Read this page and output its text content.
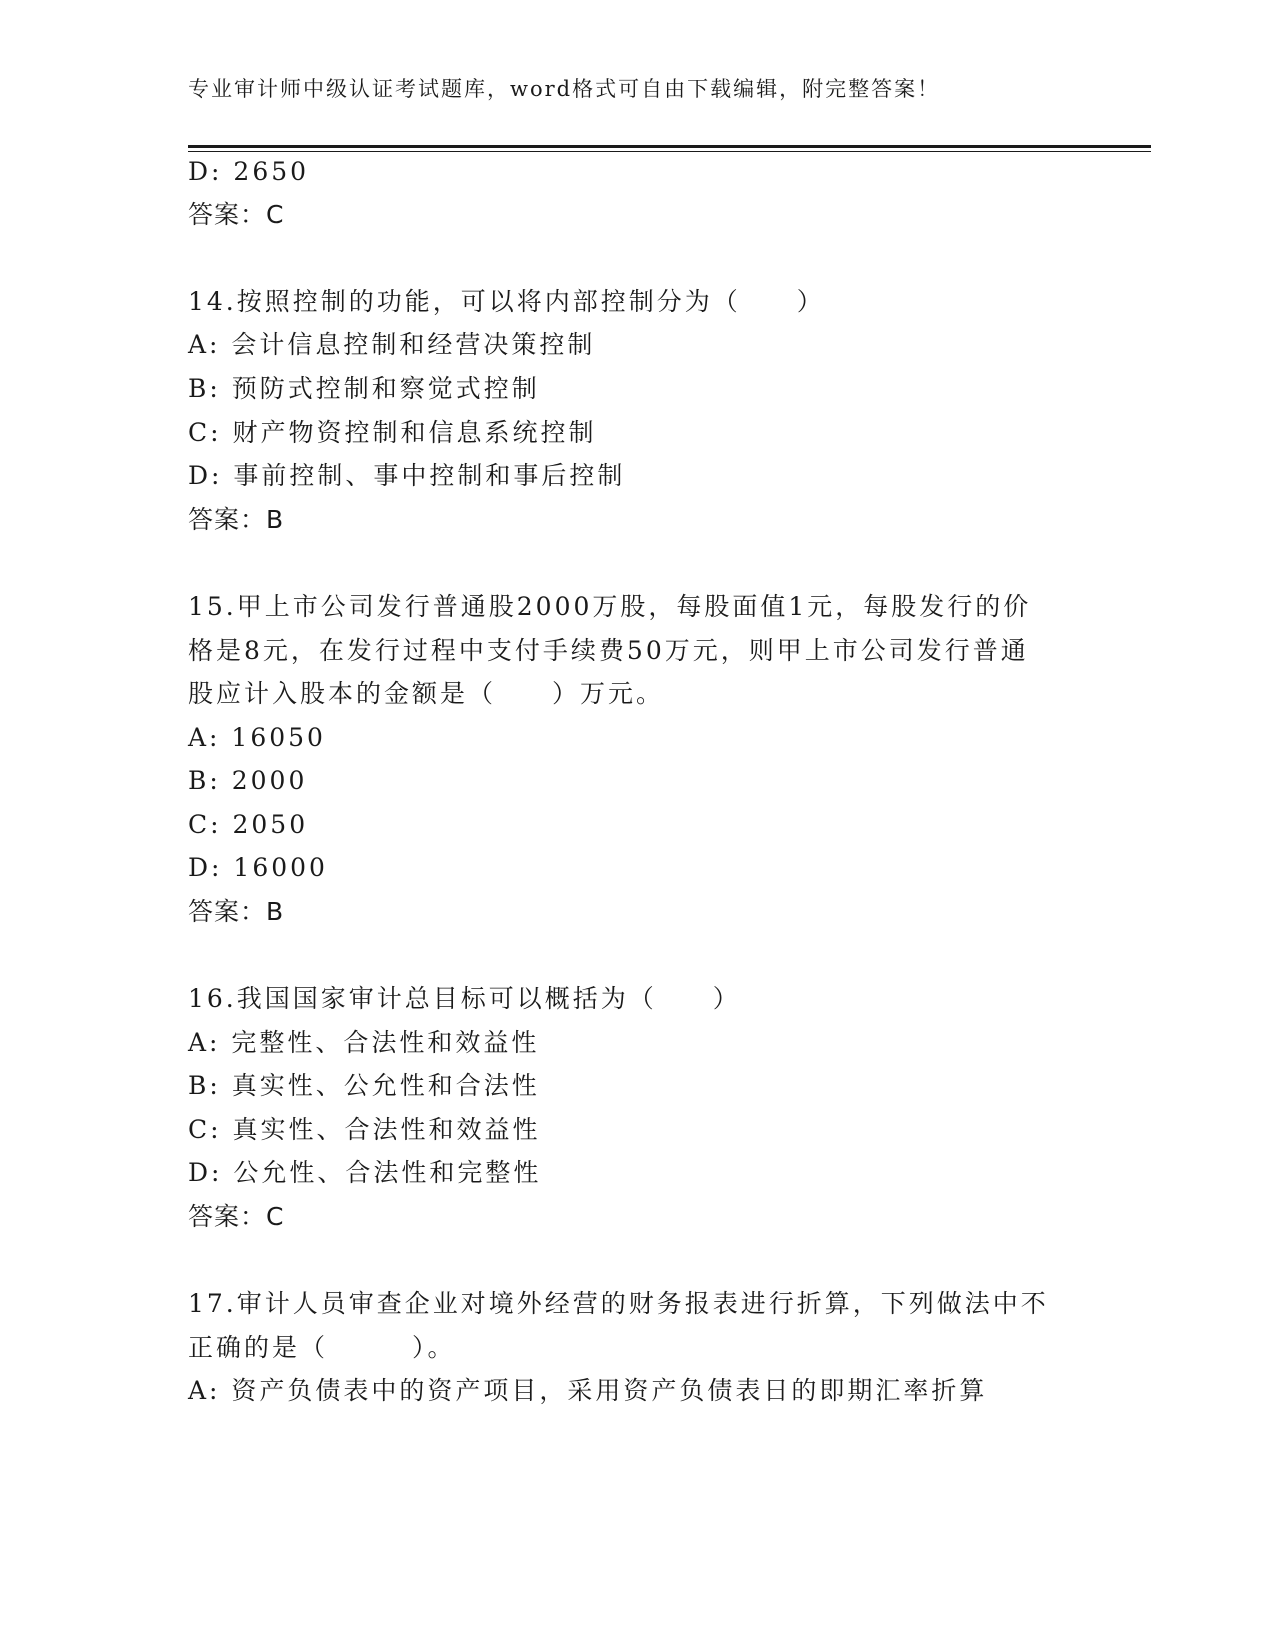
专业审计师中级认证考试题库，word格式可自由下载编辑，附完整答案！
D: 2650
答案：C
14.按照控制的功能，可以将内部控制分为（　　）
A: 会计信息控制和经营决策控制
B: 预防式控制和察觉式控制
C: 财产物资控制和信息系统控制
D: 事前控制、事中控制和事后控制
答案：B
15.甲上市公司发行普通股2000万股，每股面值1元，每股发行的价
格是8元，在发行过程中支付手续费50万元，则甲上市公司发行普通
股应计入股本的金额是（　　）万元。
A: 16050
B: 2000
C: 2050
D: 16000
答案：B
16.我国国家审计总目标可以概括为（　　）
A: 完整性、合法性和效益性
B: 真实性、公允性和合法性
C: 真实性、合法性和效益性
D: 公允性、合法性和完整性
答案：C
17.审计人员审查企业对境外经营的财务报表进行折算，下列做法中不
正确的是（　　　）。
A: 资产负债表中的资产项目，采用资产负债表日的即期汇率折算
